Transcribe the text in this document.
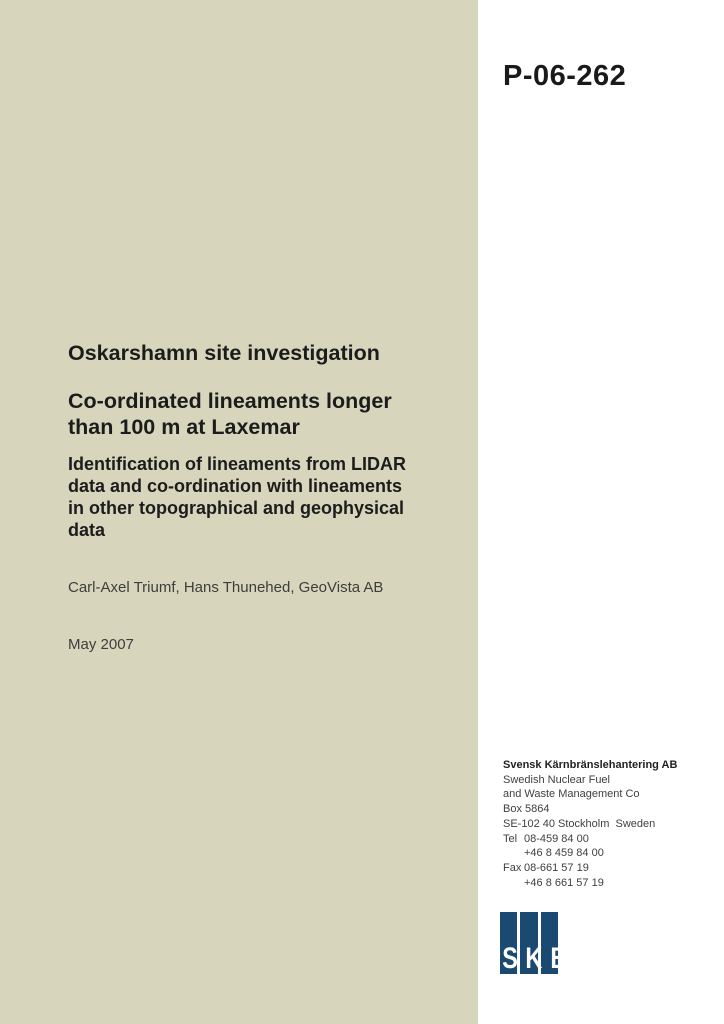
P-06-262
Oskarshamn site investigation
Co-ordinated lineaments longer
than 100 m at Laxemar
Identification of lineaments from LIDAR
data and co-ordination with lineaments
in other topographical and geophysical
data
Carl-Axel Triumf, Hans Thunehed, GeoVista AB
May 2007
Svensk Kärnbränslehantering AB
Swedish Nuclear Fuel
and Waste Management Co
Box 5864
SE-102 40 Stockholm  Sweden
Tel 08-459 84 00
+46 8 459 84 00
Fax 08-661 57 19
+46 8 661 57 19
S K B
